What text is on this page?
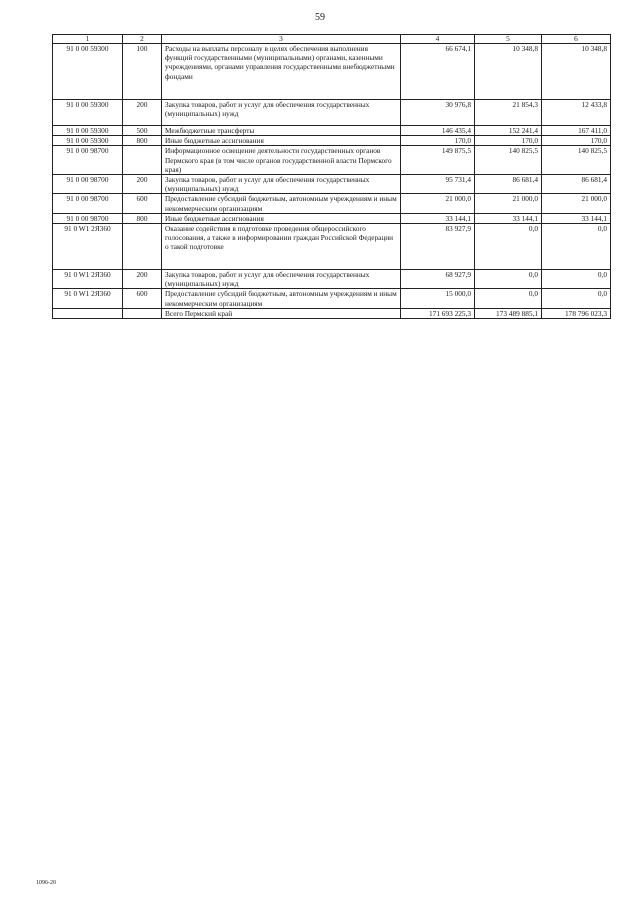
59
1	2	3	4	5	6
91 0 00 59300	100	Расходы на выплаты персоналу в целях обеспечения выполнения функций государственными (муниципальными) органами, казенными учреждениями, органами управления государственными внебюджетными фондами	66 674,1	10 348,8	10 348,8
91 0 00 59300	200	Закупка товаров, работ и услуг для обеспечения государственных (муниципальных) нужд	30 976,8	21 854,3	12 433,8
91 0 00 59300	500	Межбюджетные трансферты	146 435,4	152 241,4	167 411,0
91 0 00 59300	800	Иные бюджетные ассигнования	170,0	170,0	170,0
91 0 00 98700		Информационное освещение деятельности государственных органов Пермского края (в том числе органов государственной власти Пермского края)	149 875,5	140 825,5	140 825,5
91 0 00 98700	200	Закупка товаров, работ и услуг для обеспечения государственных (муниципальных) нужд	95 731,4	86 681,4	86 681,4
91 0 00 98700	600	Предоставление субсидий бюджетным, автономным учреждениям и иным некоммерческим организациям	21 000,0	21 000,0	21 000,0
91 0 00 98700	800	Иные бюджетные ассигнования	33 144,1	33 144,1	33 144,1
91 0 W1 2Я360		Оказание содействия в подготовке проведения общероссийского голосования, а также в информировании граждан Российской Федерации о такой подготовке	83 927,9	0,0	0,0
91 0 W1 2Я360	200	Закупка товаров, работ и услуг для обеспечения государственных (муниципальных) нужд	68 927,9	0,0	0,0
91 0 W1 2Я360	600	Предоставление субсидий бюджетным, автономным учреждениям и иным некоммерческим организациям	15 000,0	0,0	0,0
		Всего Пермский край	171 693 225,3	173 489 885,1	178 796 023,3
1096-20
